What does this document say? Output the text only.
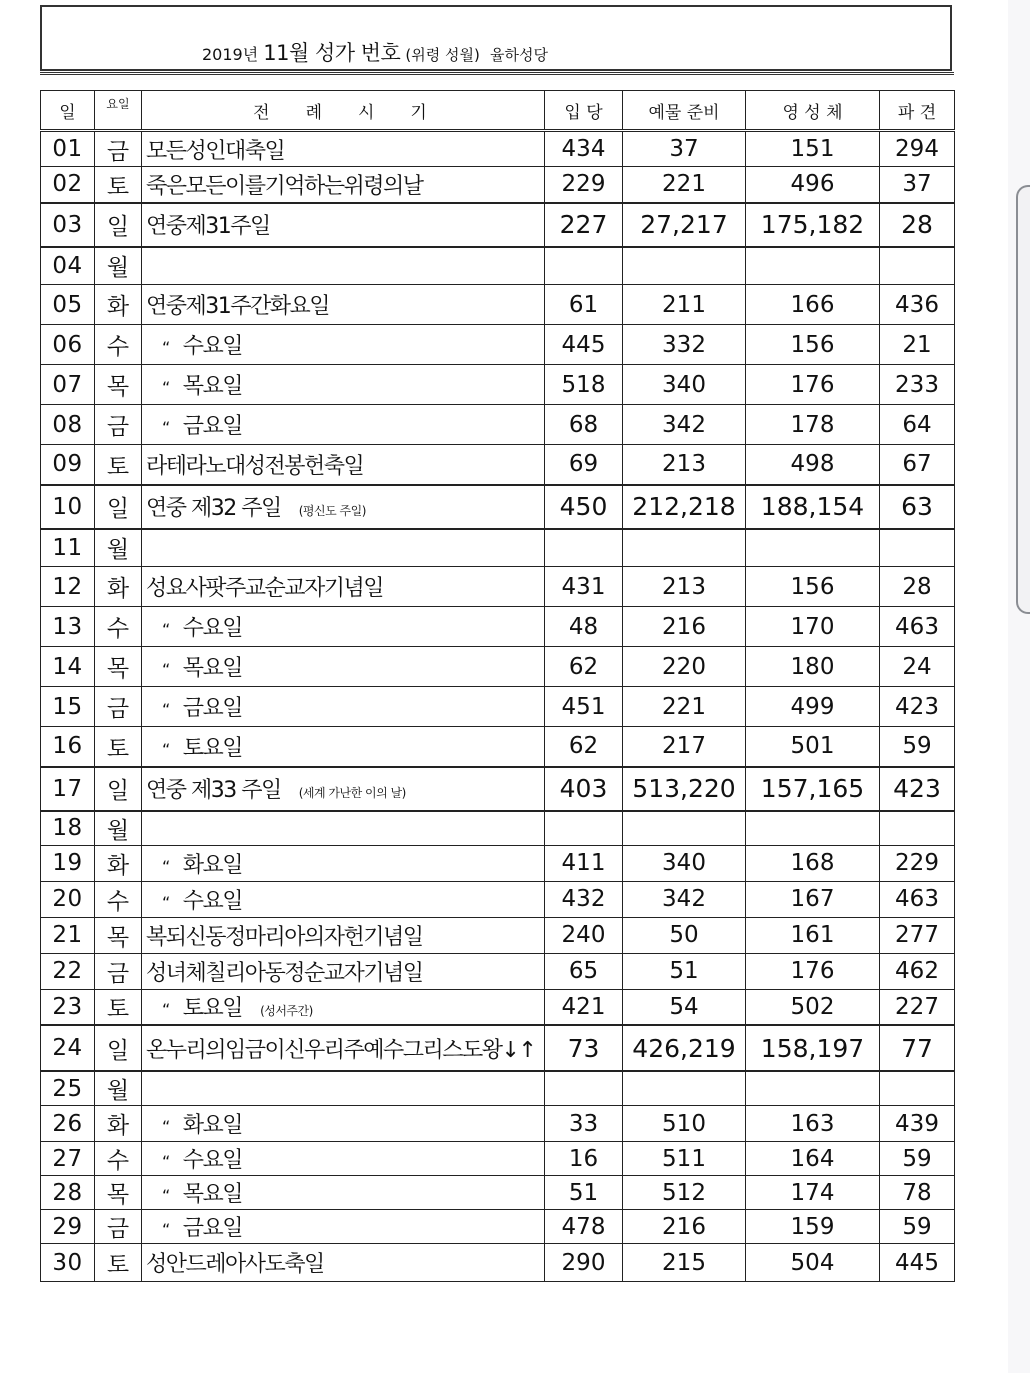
2019년 11월 성가 번호 (위령 성월) 율하성당
일	요일	전례시기	입 당	예물 준비	영 성 체	파 견
01	금	모든성인대축일	434	37	151	294
02	토	죽은모든이를기억하는위령의날	229	221	496	37
03	일	연중제31주일	227	27,217	175,182	28
04	월					
05	화	연중제31주간화요일	61	211	166	436
06	수	“ 수요일	445	332	156	21
07	목	“ 목요일	518	340	176	233
08	금	“ 금요일	68	342	178	64
09	토	라테라노대성전봉헌축일	69	213	498	67
10	일	연중 제32 주일 (평신도 주일)	450	212,218	188,154	63
11	월					
12	화	성요사팟주교순교자기념일	431	213	156	28
13	수	“ 수요일	48	216	170	463
14	목	“ 목요일	62	220	180	24
15	금	“ 금요일	451	221	499	423
16	토	“ 토요일	62	217	501	59
17	일	연중 제33 주일 (세계 가난한 이의 날)	403	513,220	157,165	423
18	월					
19	화	“ 화요일	411	340	168	229
20	수	“ 수요일	432	342	167	463
21	목	복되신동정마리아의자헌기념일	240	50	161	277
22	금	성녀체칠리아동정순교자기념일	65	51	176	462
23	토	“ 토요일 (성서주간)	421	54	502	227
24	일	온누리의임금이신우리주예수그리스도왕↓↑	73	426,219	158,197	77
25	월					
26	화	“ 화요일	33	510	163	439
27	수	“ 수요일	16	511	164	59
28	목	“ 목요일	51	512	174	78
29	금	“ 금요일	478	216	159	59
30	토	성안드레아사도축일	290	215	504	445
